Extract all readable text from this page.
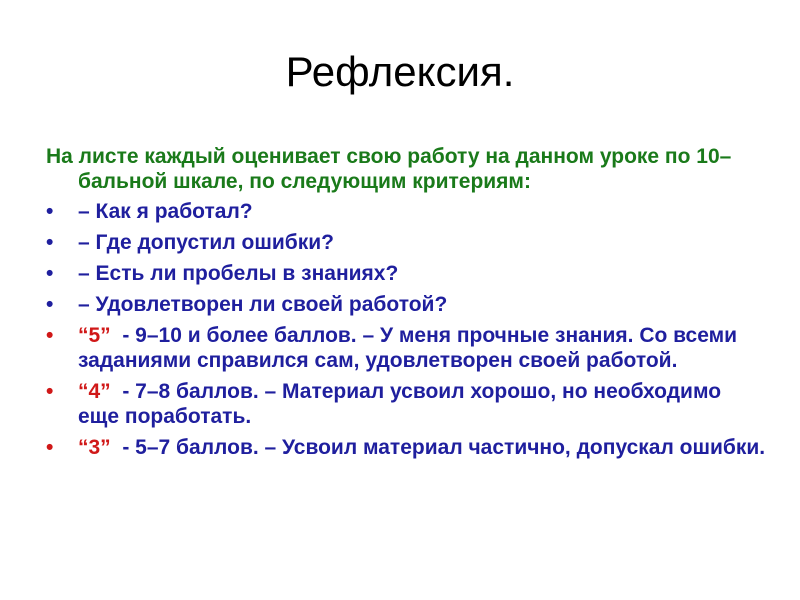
Рефлексия.

На листе каждый оценивает свою работу на данном уроке по 10–бальной шкале, по следующим критериям:

•	– Как я работал?
•	– Где допустил ошибки?
•	– Есть ли пробелы в знаниях?
•	– Удовлетворен ли своей работой?
•	“5”  - 9–10 и более баллов. – У меня прочные знания. Со всеми заданиями справился сам, удовлетворен своей работой.
•	“4”  - 7–8 баллов. – Материал усвоил хорошо, но необходимо еще поработать.
•	“3”  - 5–7 баллов. – Усвоил материал частично, допускал ошибки.
